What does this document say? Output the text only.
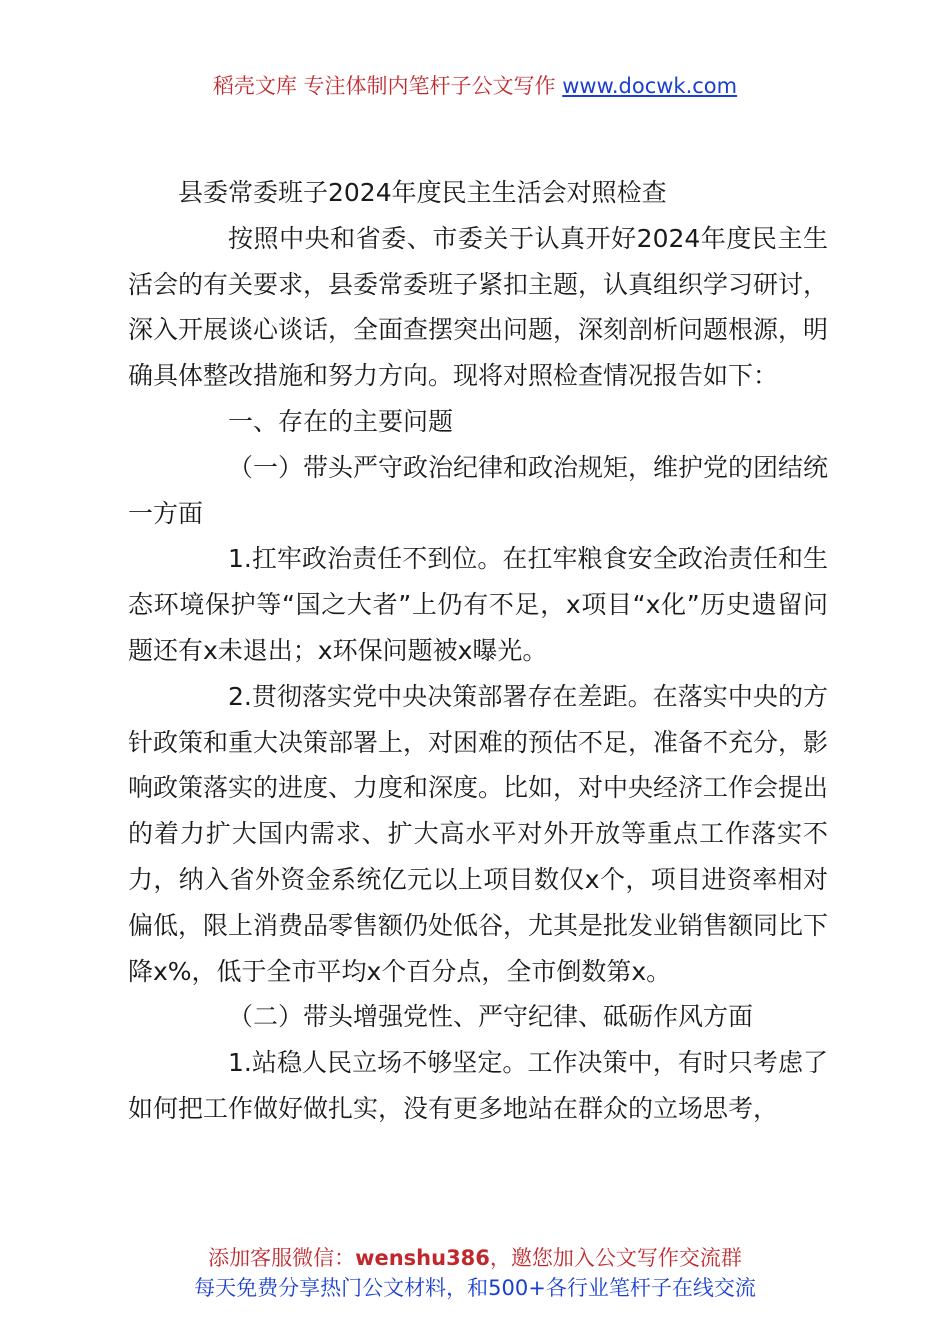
稻壳文库 专注体制内笔杆子公文写作 www.docwk.com

县委常委班子2024年度民主生活会对照检查

按照中央和省委、市委关于认真开好2024年度民主生活会的有关要求，县委常委班子紧扣主题，认真组织学习研讨，深入开展谈心谈话，全面查摆突出问题，深刻剖析问题根源，明确具体整改措施和努力方向。现将对照检查情况报告如下：

一、存在的主要问题

（一）带头严守政治纪律和政治规矩，维护党的团结统一方面

1.扛牢政治责任不到位。在扛牢粮食安全政治责任和生态环境保护等“国之大者”上仍有不足，x项目“x化”历史遗留问题还有x未退出；x环保问题被x曝光。

2.贯彻落实党中央决策部署存在差距。在落实中央的方针政策和重大决策部署上，对困难的预估不足，准备不充分，影响政策落实的进度、力度和深度。比如，对中央经济工作会提出的着力扩大国内需求、扩大高水平对外开放等重点工作落实不力，纳入省外资金系统亿元以上项目数仅x个，项目进资率相对偏低，限上消费品零售额仍处低谷，尤其是批发业销售额同比下降x%，低于全市平均x个百分点，全市倒数第x。

（二）带头增强党性、严守纪律、砥砺作风方面

1.站稳人民立场不够坚定。工作决策中，有时只考虑了如何把工作做好做扎实，没有更多地站在群众的立场思考，

添加客服微信：wenshu386，邀您加入公文写作交流群
每天免费分享热门公文材料，和500+各行业笔杆子在线交流
